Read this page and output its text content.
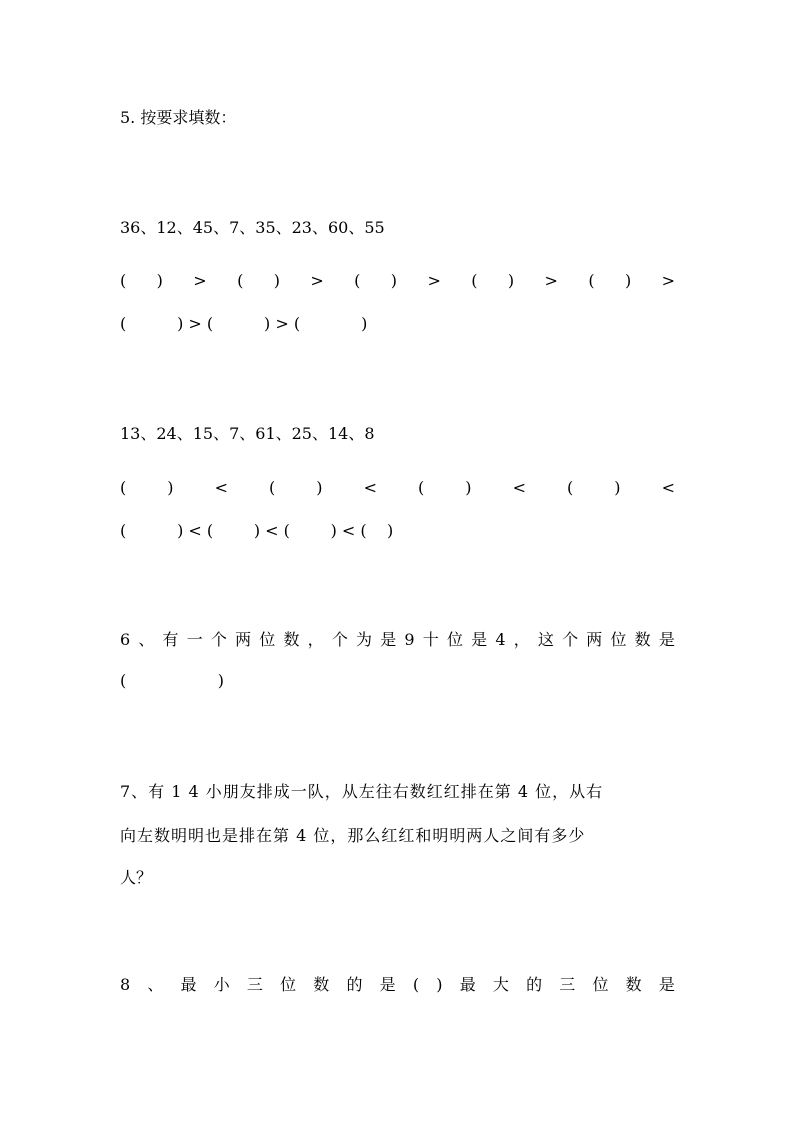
5. 按要求填数：
36、12、45、7、35、23、60、55
( ) > ( ) > ( ) > ( ) > ( ) >
(          ) > (          ) > (            )
13、24、15、7、61、25、14、8
(	)	<	(	)	<	(	)	<	(	)	<
(          ) < (        ) < (        ) < (    )
6 、 有 一 个 两 位 数 ， 个 为 是 9 十 位 是 4 ， 这 个 两 位 数 是
(                  )
7、有 1 4 小朋友排成一队，从左往右数红红排在第 4 位，从右
向左数明明也是排在第 4 位，那么红红和明明两人之间有多少
人？
8 、 最 小 三 位 数 的 是 ( ) 最 大 的 三 位 数 是
